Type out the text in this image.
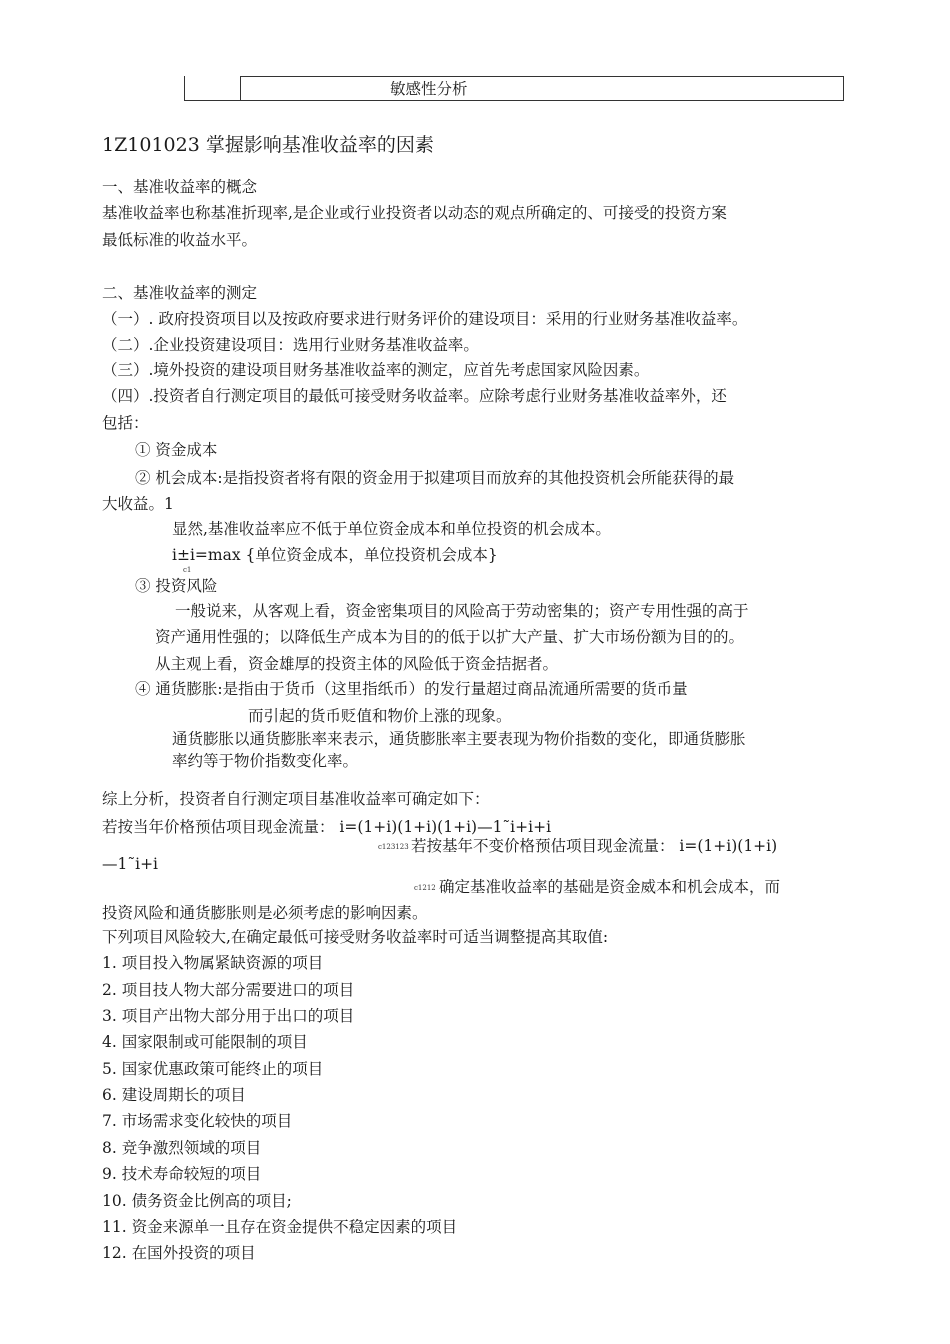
敏感性分析
1Z101023 掌握影响基准收益率的因素
一、基准收益率的概念
基准收益率也称基准折现率,是企业或行业投资者以动态的观点所确定的、可接受的投资方案
最低标准的收益水平。
二、基准收益率的测定
（一）. 政府投资项目以及按政府要求进行财务评价的建设项目：采用的行业财务基准收益率。
（二）.企业投资建设项目：选用行业财务基准收益率。
（三）.境外投资的建设项目财务基准收益率的测定，应首先考虑国家风险因素。
（四）.投资者自行测定项目的最低可接受财务收益率。应除考虑行业财务基准收益率外，还
包括：
① 资金成本
② 机会成本:是指投资者将有限的资金用于拟建项目而放弃的其他投资机会所能获得的最
大收益。1
显然,基准收益率应不低于单位资金成本和单位投资的机会成本。
i±i=max {单位资金成本，单位投资机会成本}
c1
③ 投资风险
一般说来，从客观上看，资金密集项目的风险高于劳动密集的；资产专用性强的高于
资产通用性强的；以降低生产成本为目的的低于以扩大产量、扩大市场份额为目的的。
从主观上看，资金雄厚的投资主体的风险低于资金拮据者。
④ 通货膨胀:是指由于货币（这里指纸币）的发行量超过商品流通所需要的货币量
而引起的货币贬值和物价上涨的现象。
通货膨胀以通货膨胀率来表示，通货膨胀率主要表现为物价指数的变化，即通货膨胀
率约等于物价指数变化率。
综上分析，投资者自行测定项目基准收益率可确定如下：
若按当年价格预估项目现金流量： i=(1+i)(1+i)(1+i)—1˜i+i+i
c123123 若按基年不变价格预估项目现金流量： i=(1+i)(1+i)
—1˜i+i
c1212 确定基准收益率的基础是资金威本和机会成本，而
投资风险和通货膨胀则是必须考虑的影响因素。
下列项目风险较大,在确定最低可接受财务收益率时可适当调整提高其取值:
1. 项目投入物属紧缺资源的项目
2. 项目技人物大部分需要进口的项目
3. 项目产出物大部分用于出口的项目
4. 国家限制或可能限制的项目
5. 国家优惠政策可能终止的项目
6. 建设周期长的项目
7. 市场需求变化较快的项目
8. 竞争激烈领域的项目
9. 技术寿命较短的项目
10. 债务资金比例高的项目;
11. 资金来源单一且存在资金提供不稳定因素的项目
12. 在国外投资的项目
